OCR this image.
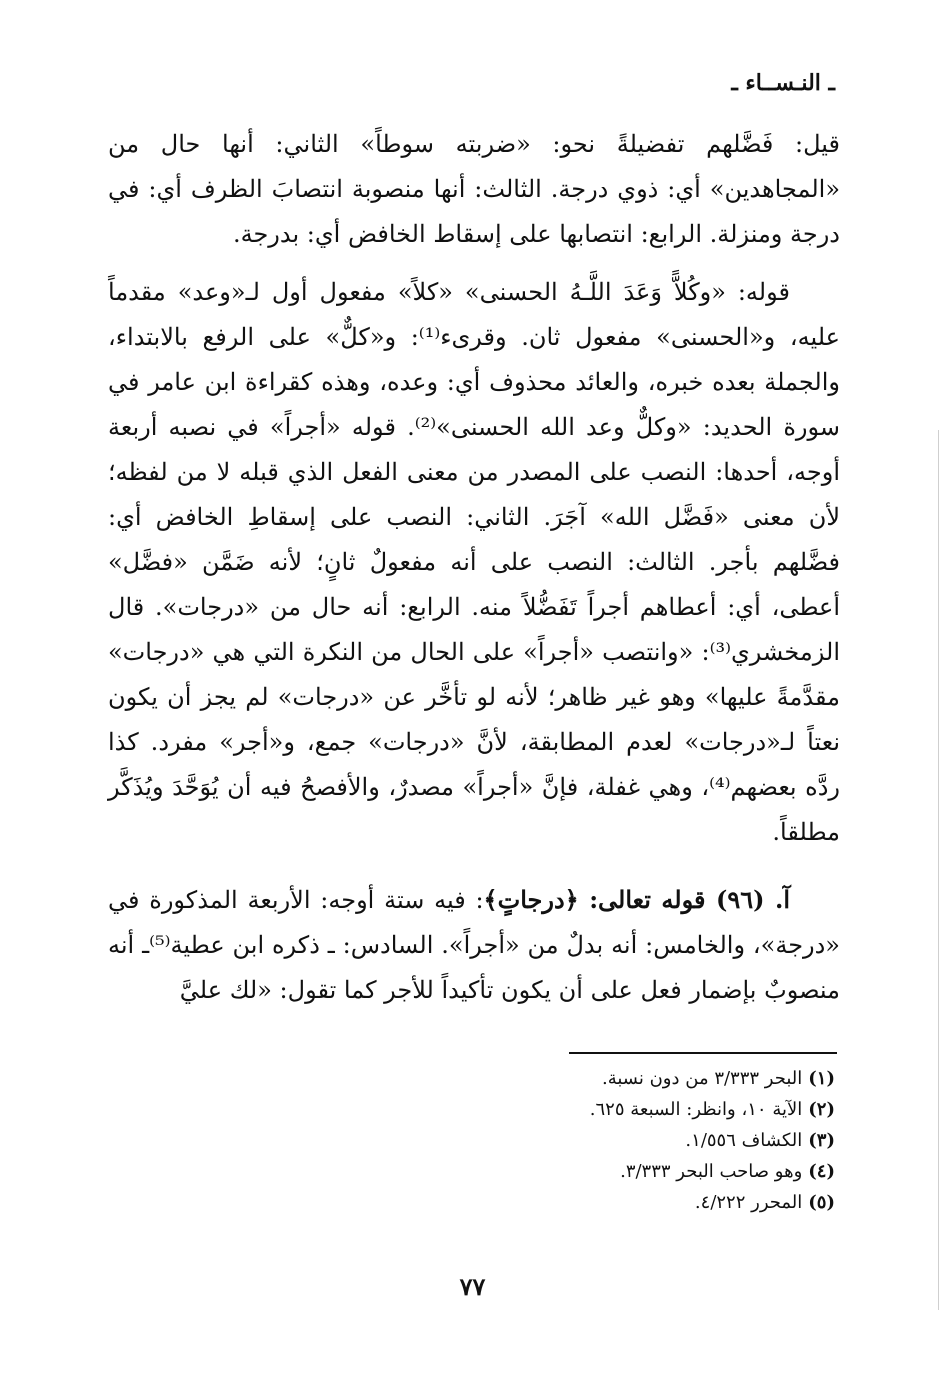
ـ النـســاء ـ

قيل: فَضَّلهم تفضيلةً نحو: «ضربته سوطاً» الثاني: أنها حال من «المجاهدين» أي: ذوي درجة. الثالث: أنها منصوبة انتصابَ الظرف أي: في درجة ومنزلة. الرابع: انتصابها على إسقاط الخافض أي: بدرجة.

قوله: «وكُلاًّ وَعَدَ اللَّـهُ الحسنى» «كلاً» مفعول أول لـ«وعد» مقدماً عليه، و«الحسنى» مفعول ثان. وقرىء⁽¹⁾: و«كلٌّ» على الرفع بالابتداء، والجملة بعده خبره، والعائد محذوف أي: وعده، وهذه كقراءة ابن عامر في سورة الحديد: «وكلٌّ وعد الله الحسنى»⁽²⁾. قوله «أجراً» في نصبه أربعة أوجه، أحدها: النصب على المصدر من معنى الفعل الذي قبله لا من لفظه؛ لأن معنى «فَضَّل الله» آجَرَ. الثاني: النصب على إسقاطِ الخافض أي: فضَّلهم بأجر. الثالث: النصب على أنه مفعولٌ ثانٍ؛ لأنه ضَمَّن «فضَّل» أعطى، أي: أعطاهم أجراً تَفَضُّلاً منه. الرابع: أنه حال من «درجات». قال الزمخشري⁽³⁾: «وانتصب «أجراً» على الحال من النكرة التي هي «درجات» مقدَّمةً عليها» وهو غير ظاهر؛ لأنه لو تأخَّر عن «درجات» لم يجز أن يكون نعتاً لـ«درجات» لعدم المطابقة، لأنَّ «درجات» جمع، و«أجر» مفرد. كذا ردَّه بعضهم⁽⁴⁾، وهي غفلة، فإنَّ «أجراً» مصدرٌ، والأفصحُ فيه أن يُوَحَّدَ ويُذَكَّر مطلقاً.

آ. (٩٦) قوله تعالى: ﴿درجاتٍ﴾: فيه ستة أوجه: الأربعة المذكورة في «درجة»، والخامس: أنه بدلٌ من «أجراً». السادس: ـ ذكره ابن عطية⁽⁵⁾ـ أنه منصوبٌ بإضمار فعل على أن يكون تأكيداً للأجر كما تقول: «لك عليَّ

(١)البحر ٣/٣٣٣ من دون نسبة.
(٢)الآية ١٠، وانظر: السبعة ٦٢٥.
(٣)الكشاف ١/٥٥٦.
(٤)وهو صاحب البحر ٣/٣٣٣.
(٥)المحرر ٤/٢٢٢.
٧٧
